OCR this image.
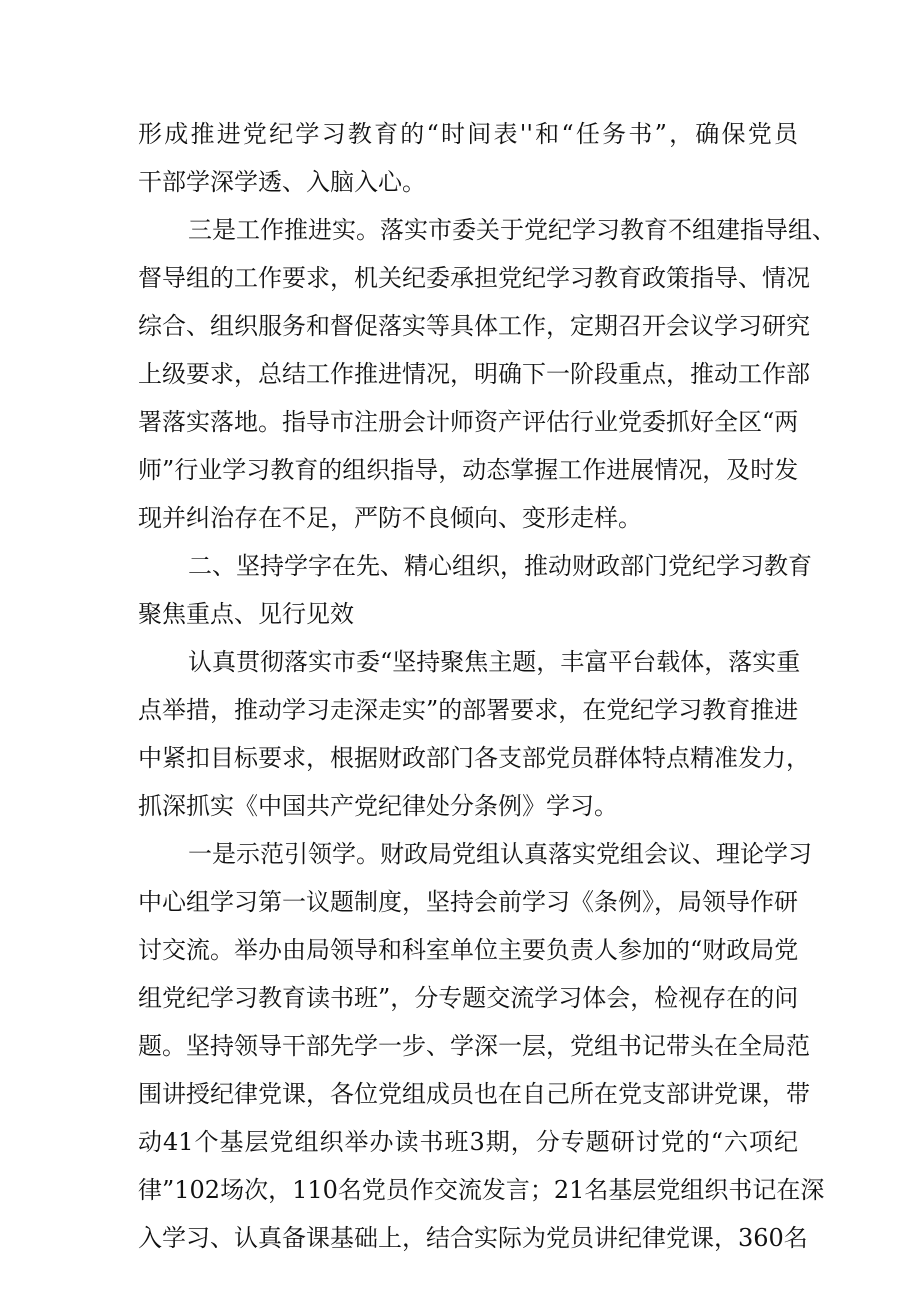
形成推进党纪学习教育的“时间表''和“任务书”，确保党员
干部学深学透、入脑入心。
三是工作推进实。落实市委关于党纪学习教育不组建指导组、
督导组的工作要求，机关纪委承担党纪学习教育政策指导、情况
综合、组织服务和督促落实等具体工作，定期召开会议学习研究
上级要求，总结工作推进情况，明确下一阶段重点，推动工作部
署落实落地。指导市注册会计师资产评估行业党委抓好全区“两
师”行业学习教育的组织指导，动态掌握工作进展情况，及时发
现并纠治存在不足，严防不良倾向、变形走样。
二、坚持学字在先、精心组织，推动财政部门党纪学习教育
聚焦重点、见行见效
认真贯彻落实市委“坚持聚焦主题，丰富平台载体，落实重
点举措，推动学习走深走实”的部署要求，在党纪学习教育推进
中紧扣目标要求，根据财政部门各支部党员群体特点精准发力，
抓深抓实《中国共产党纪律处分条例》学习。
一是示范引领学。财政局党组认真落实党组会议、理论学习
中心组学习第一议题制度，坚持会前学习《条例》，局领导作研
讨交流。举办由局领导和科室单位主要负责人参加的“财政局党
组党纪学习教育读书班”，分专题交流学习体会，检视存在的问
题。坚持领导干部先学一步、学深一层，党组书记带头在全局范
围讲授纪律党课，各位党组成员也在自己所在党支部讲党课，带
动41个基层党组织举办读书班3期，分专题研讨党的“六项纪
律”102场次，110名党员作交流发言；21名基层党组织书记在深
入学习、认真备课基础上，结合实际为党员讲纪律党课，360名
